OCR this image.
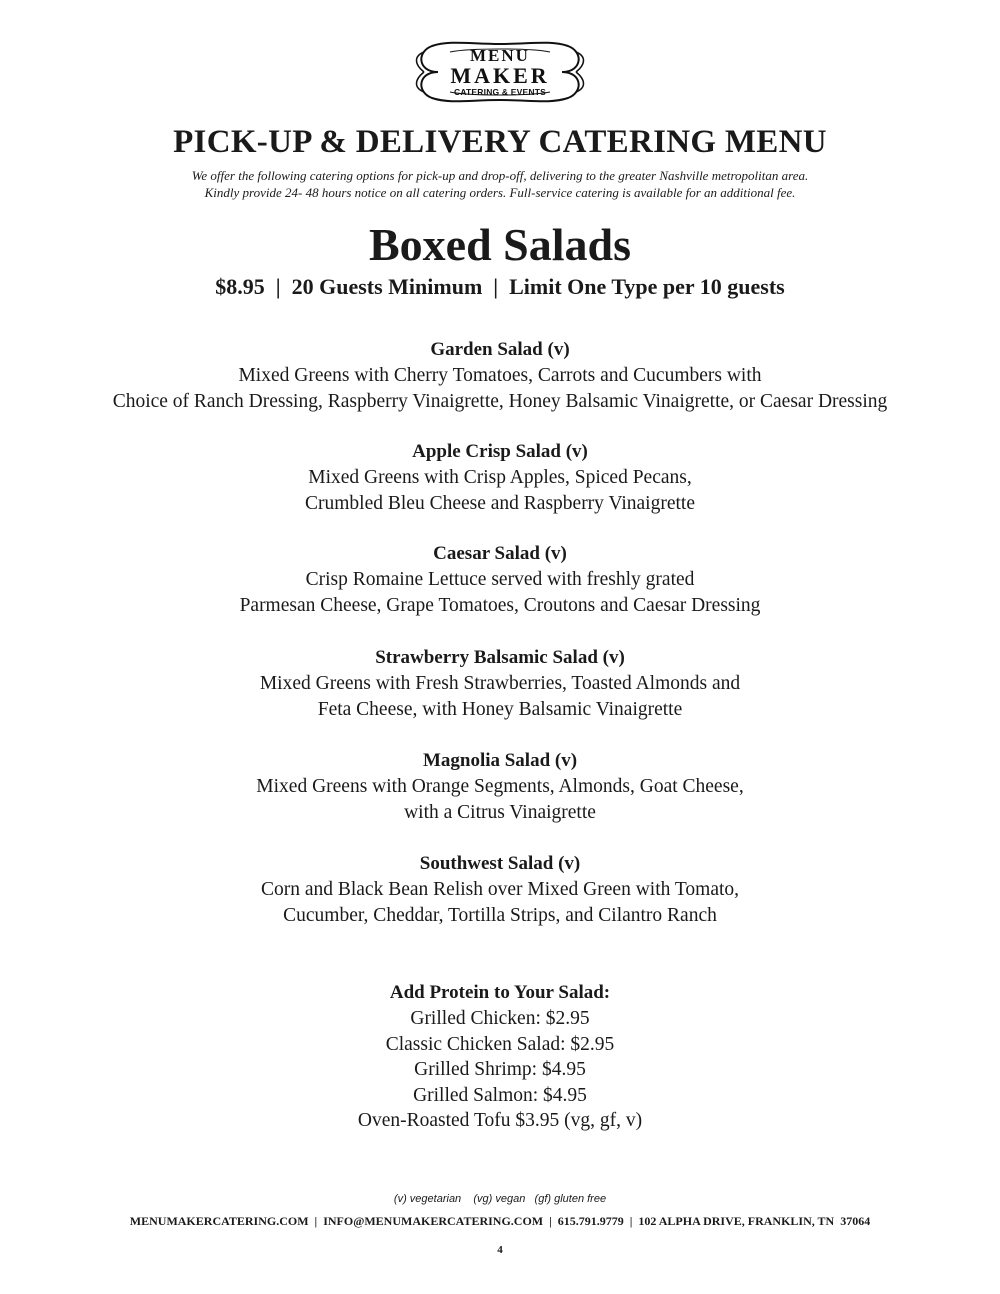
MENU
MAKER
CATERING & EVENTS
PICK-UP & DELIVERY CATERING MENU
We offer the following catering options for pick-up and drop-off, delivering to the greater Nashville metropolitan area.
Kindly provide 24- 48 hours notice on all catering orders. Full-service catering is available for an additional fee.
Boxed Salads
$8.95  |  20 Guests Minimum  |  Limit One Type per 10 guests
Garden Salad (v)
Mixed Greens with Cherry Tomatoes, Carrots and Cucumbers with
Choice of Ranch Dressing, Raspberry Vinaigrette, Honey Balsamic Vinaigrette, or Caesar Dressing
Apple Crisp Salad (v)
Mixed Greens with Crisp Apples, Spiced Pecans,
Crumbled Bleu Cheese and Raspberry Vinaigrette
Caesar Salad (v)
Crisp Romaine Lettuce served with freshly grated
Parmesan Cheese, Grape Tomatoes, Croutons and Caesar Dressing
Strawberry Balsamic Salad (v)
Mixed Greens with Fresh Strawberries, Toasted Almonds and
Feta Cheese, with Honey Balsamic Vinaigrette
Magnolia Salad (v)
Mixed Greens with Orange Segments, Almonds, Goat Cheese,
with a Citrus Vinaigrette
Southwest Salad (v)
Corn and Black Bean Relish over Mixed Green with Tomato,
Cucumber, Cheddar, Tortilla Strips, and Cilantro Ranch
Add Protein to Your Salad:
Grilled Chicken: $2.95
Classic Chicken Salad: $2.95
Grilled Shrimp: $4.95
Grilled Salmon: $4.95
Oven-Roasted Tofu $3.95 (vg, gf, v)
(v) vegetarian    (vg) vegan   (gf) gluten free
MENUMAKERCATERING.COM  |  INFO@MENUMAKERCATERING.COM  |  615.791.9779  |  102 ALPHA DRIVE, FRANKLIN, TN  37064
4
